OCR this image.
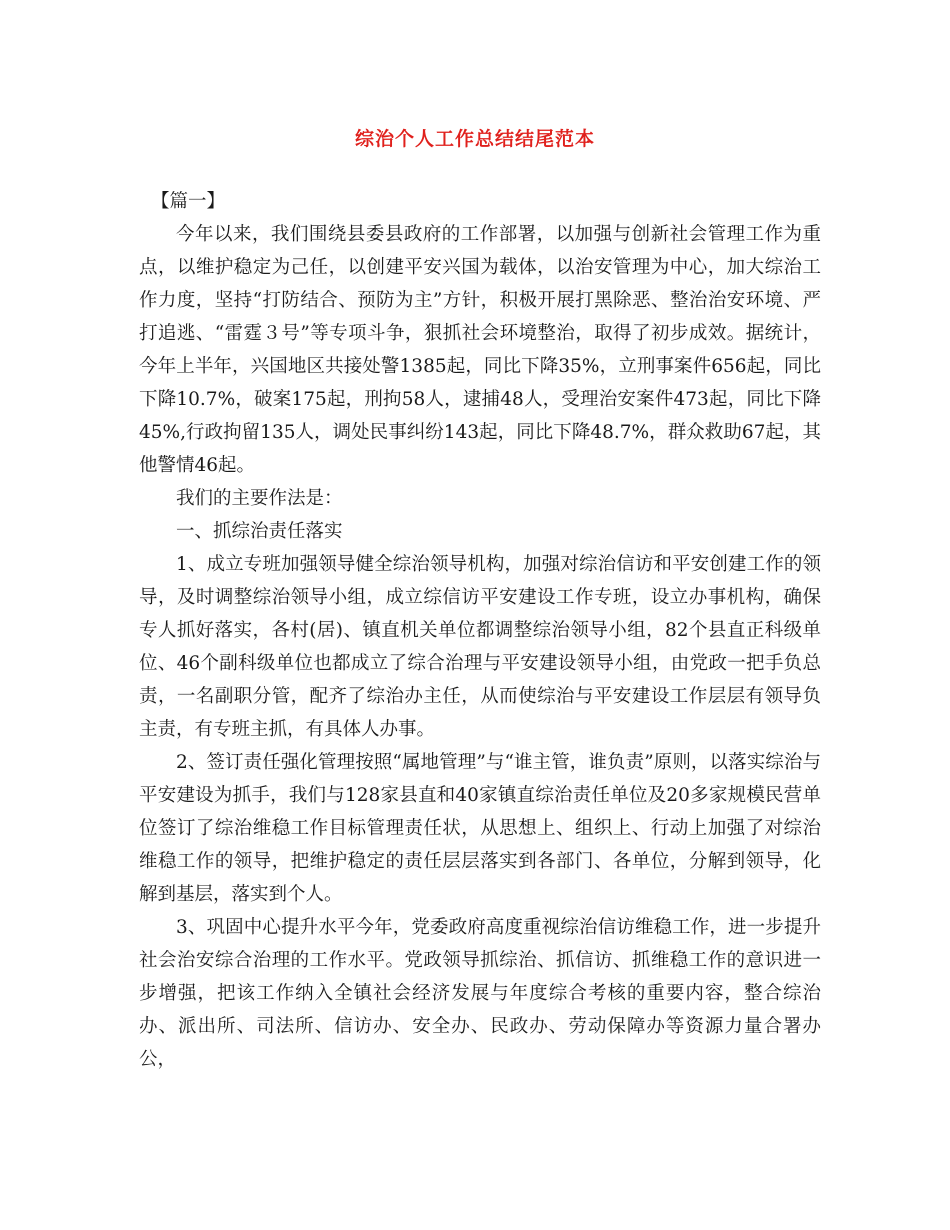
综治个人工作总结结尾范本

【篇一】

今年以来，我们围绕县委县政府的工作部署，以加强与创新社会管理工作为重点，以维护稳定为己任，以创建平安兴国为载体，以治安管理为中心，加大综治工作力度，坚持“打防结合、预防为主”方针，积极开展打黑除恶、整治治安环境、严打追逃、“雷霆３号”等专项斗争，狠抓社会环境整治，取得了初步成效。据统计，今年上半年，兴国地区共接处警1385起，同比下降35%，立刑事案件656起，同比下降10.7%，破案175起，刑拘58人，逮捕48人，受理治安案件473起，同比下降45%,行政拘留135人，调处民事纠纷143起，同比下降48.7%，群众救助67起，其他警情46起。

我们的主要作法是：

一、抓综治责任落实

1、成立专班加强领导健全综治领导机构，加强对综治信访和平安创建工作的领导，及时调整综治领导小组，成立综信访平安建设工作专班，设立办事机构，确保专人抓好落实，各村(居)、镇直机关单位都调整综治领导小组，82个县直正科级单位、46个副科级单位也都成立了综合治理与平安建设领导小组，由党政一把手负总责，一名副职分管，配齐了综治办主任，从而使综治与平安建设工作层层有领导负主责，有专班主抓，有具体人办事。

2、签订责任强化管理按照“属地管理”与“谁主管，谁负责”原则，以落实综治与平安建设为抓手，我们与128家县直和40家镇直综治责任单位及20多家规模民营单位签订了综治维稳工作目标管理责任状，从思想上、组织上、行动上加强了对综治维稳工作的领导，把维护稳定的责任层层落实到各部门、各单位，分解到领导，化解到基层，落实到个人。

3、巩固中心提升水平今年，党委政府高度重视综治信访维稳工作，进一步提升社会治安综合治理的工作水平。党政领导抓综治、抓信访、抓维稳工作的意识进一步增强，把该工作纳入全镇社会经济发展与年度综合考核的重要内容，整合综治办、派出所、司法所、信访办、安全办、民政办、劳动保障办等资源力量合署办公，
